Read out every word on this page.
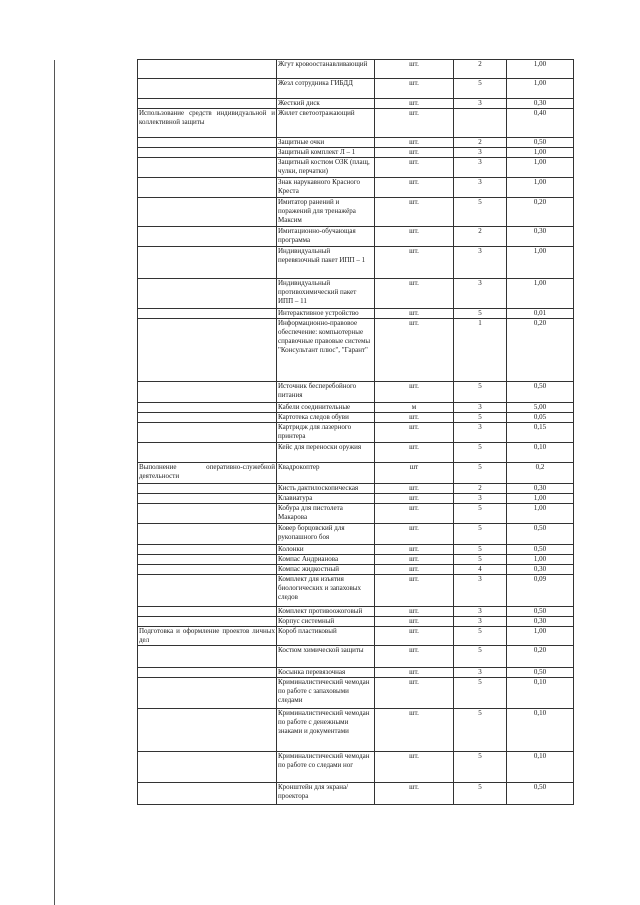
	Жгут кровоостанавливающий	шт.	2	1,00
	Жезл сотрудника ГИБДД	шт.	5	1,00
	Жесткий диск	шт.	3	0,30
Использование средств индивидуальной и коллективной защиты	Жилет светоотражающий	шт.		0,40
	Защитные очки	шт.	2	0,50
	Защитный комплект Л – 1	шт.	3	1,00
	Защитный костюм ОЗК (плащ, чулки, перчатки)	шт.	3	1,00
	Знак нарукавного Красного Креста	шт.	3	1,00
	Имитатор ранений и поражений для тренажёра Максим	шт.	5	0,20
	Имитационно-обучающая программа	шт.	2	0,30
	Индивидуальный перевязочный пакет ИПП – 1	шт.	3	1,00
	Индивидуальный противохимический пакет ИПП – 11	шт.	3	1,00
	Интерактивное устройство	шт.	5	0,01
	Информационно-правовое обеспечение: компьютерные справочные правовые системы "Консультант плюс", "Гарант"	шт.	1	0,20
	Источник бесперебойного питания	шт.	5	0,50
	Кабели соединительные	м	3	5,00
	Картотека следов обуви	шт.	5	0,05
	Картридж для лазерного принтера	шт.	3	0,15
	Кейс для переноски оружия	шт.	5	0,10
Выполнение оперативно-служебной деятельности	Квадрокоптер	шт	5	0,2
	Кисть дактилоскопическая	шт.	2	0,30
	Клавиатура	шт.	3	1,00
	Кобура для пистолета Макарова	шт.	5	1,00
	Ковер борцовский для рукопашного боя	шт.	5	0,50
	Колонки	шт.	5	0,50
	Компас Андрианова	шт.	5	1,00
	Компас жидкостный	шт.	4	0,30
	Комплект для изъятия биологических и запаховых следов	шт.	3	0,09
	Комплект противоожоговый	шт.	3	0,50
	Корпус системный	шт.	3	0,30
Подготовка и оформление проектов личных дел	Короб пластиковый	шт.	5	1,00
	Костюм химической защиты	шт.	5	0,20
	Косынка перевязочная	шт.	3	0,50
	Криминалистический чемодан по работе с запаховыми следами	шт.	5	0,10
	Криминалистический чемодан по работе с денежными знаками и документами	шт.	5	0,10
	Криминалистический чемодан по работе со следами ног	шт.	5	0,10
	Кронштейн для экрана/проектора	шт.	5	0,50
